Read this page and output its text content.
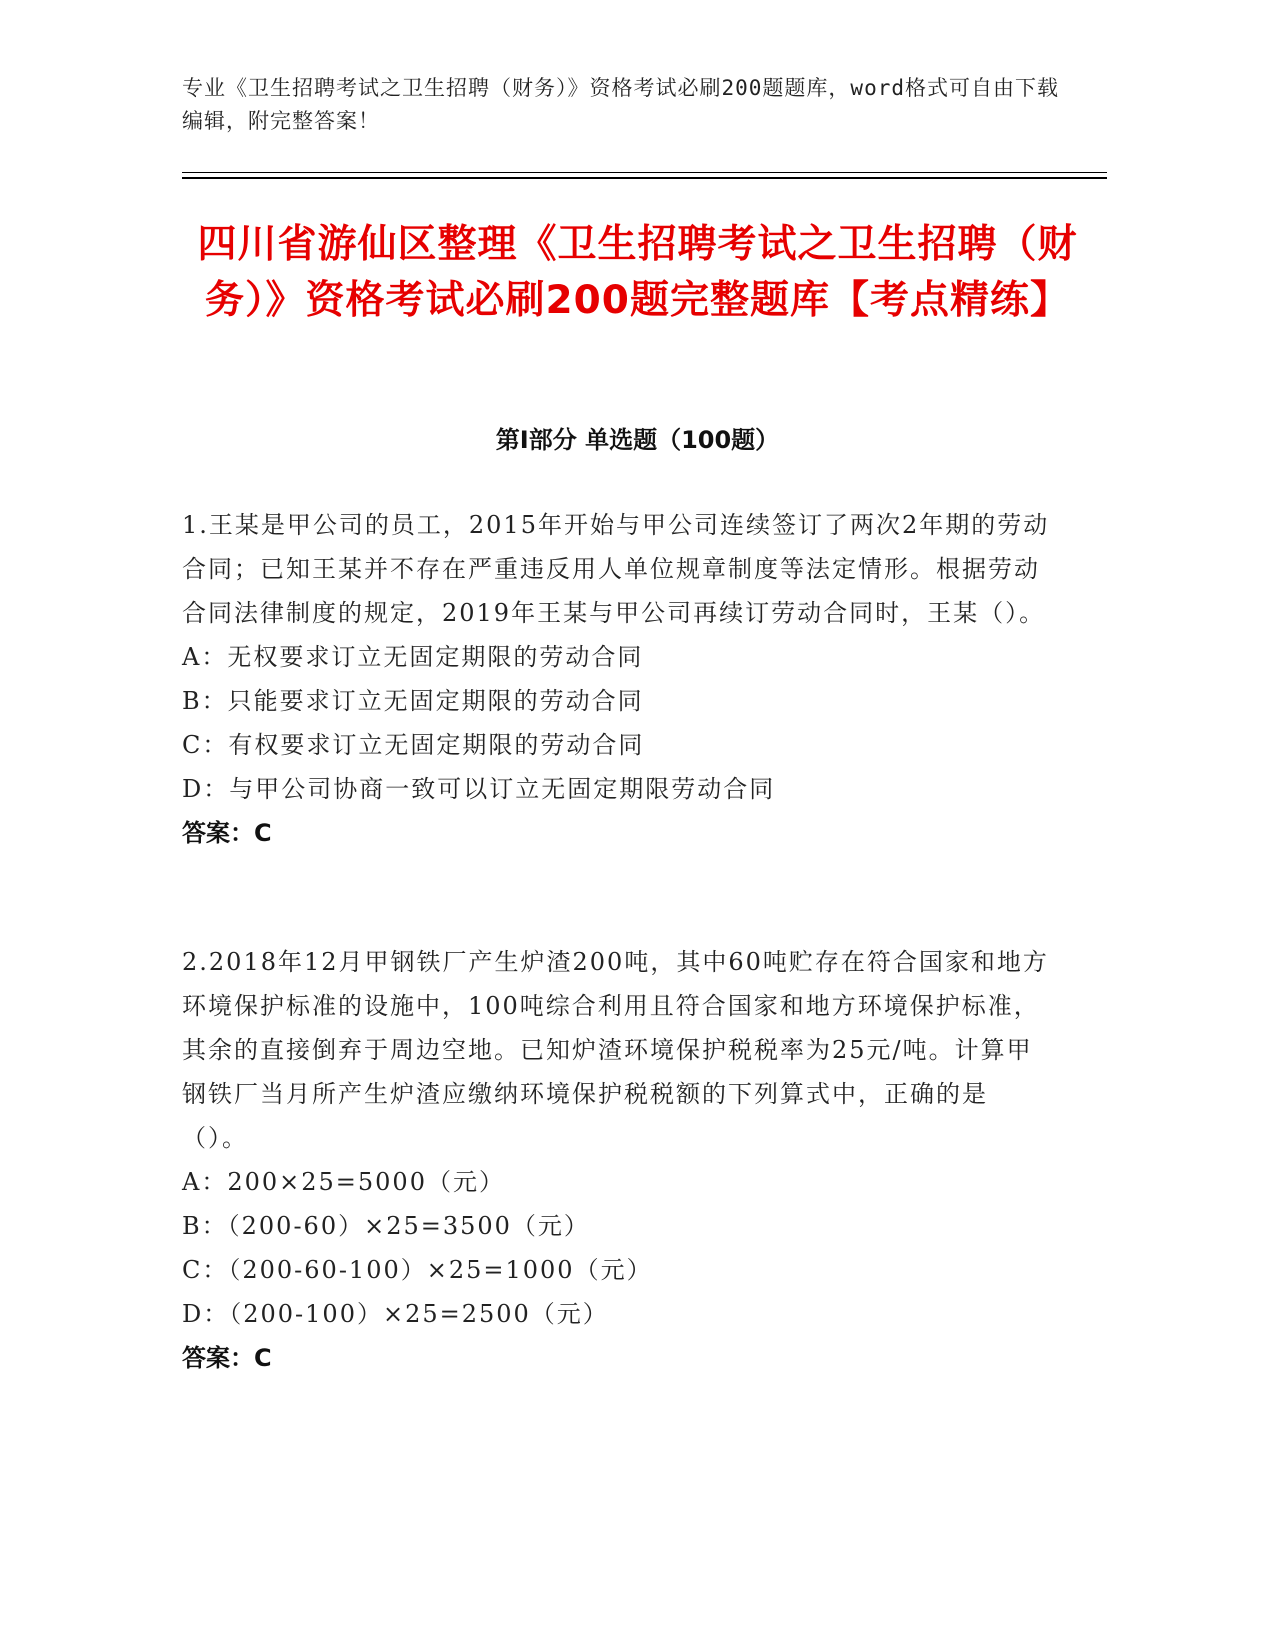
专业《卫生招聘考试之卫生招聘（财务）》资格考试必刷200题题库，word格式可自由下载编辑，附完整答案！
四川省游仙区整理《卫生招聘考试之卫生招聘（财务）》资格考试必刷200题完整题库【考点精练】
第Ⅰ部分 单选题（100题）
1.王某是甲公司的员工，2015年开始与甲公司连续签订了两次2年期的劳动合同；已知王某并不存在严重违反用人单位规章制度等法定情形。根据劳动合同法律制度的规定，2019年王某与甲公司再续订劳动合同时，王某（）。
A：无权要求订立无固定期限的劳动合同
B：只能要求订立无固定期限的劳动合同
C：有权要求订立无固定期限的劳动合同
D：与甲公司协商一致可以订立无固定期限劳动合同
答案：C
2.2018年12月甲钢铁厂产生炉渣200吨，其中60吨贮存在符合国家和地方环境保护标准的设施中，100吨综合利用且符合国家和地方环境保护标准，其余的直接倒弃于周边空地。已知炉渣环境保护税税率为25元/吨。计算甲钢铁厂当月所产生炉渣应缴纳环境保护税税额的下列算式中，正确的是（）。
A：200×25=5000（元）
B：（200-60）×25=3500（元）
C：（200-60-100）×25=1000（元）
D：（200-100）×25=2500（元）
答案：C
